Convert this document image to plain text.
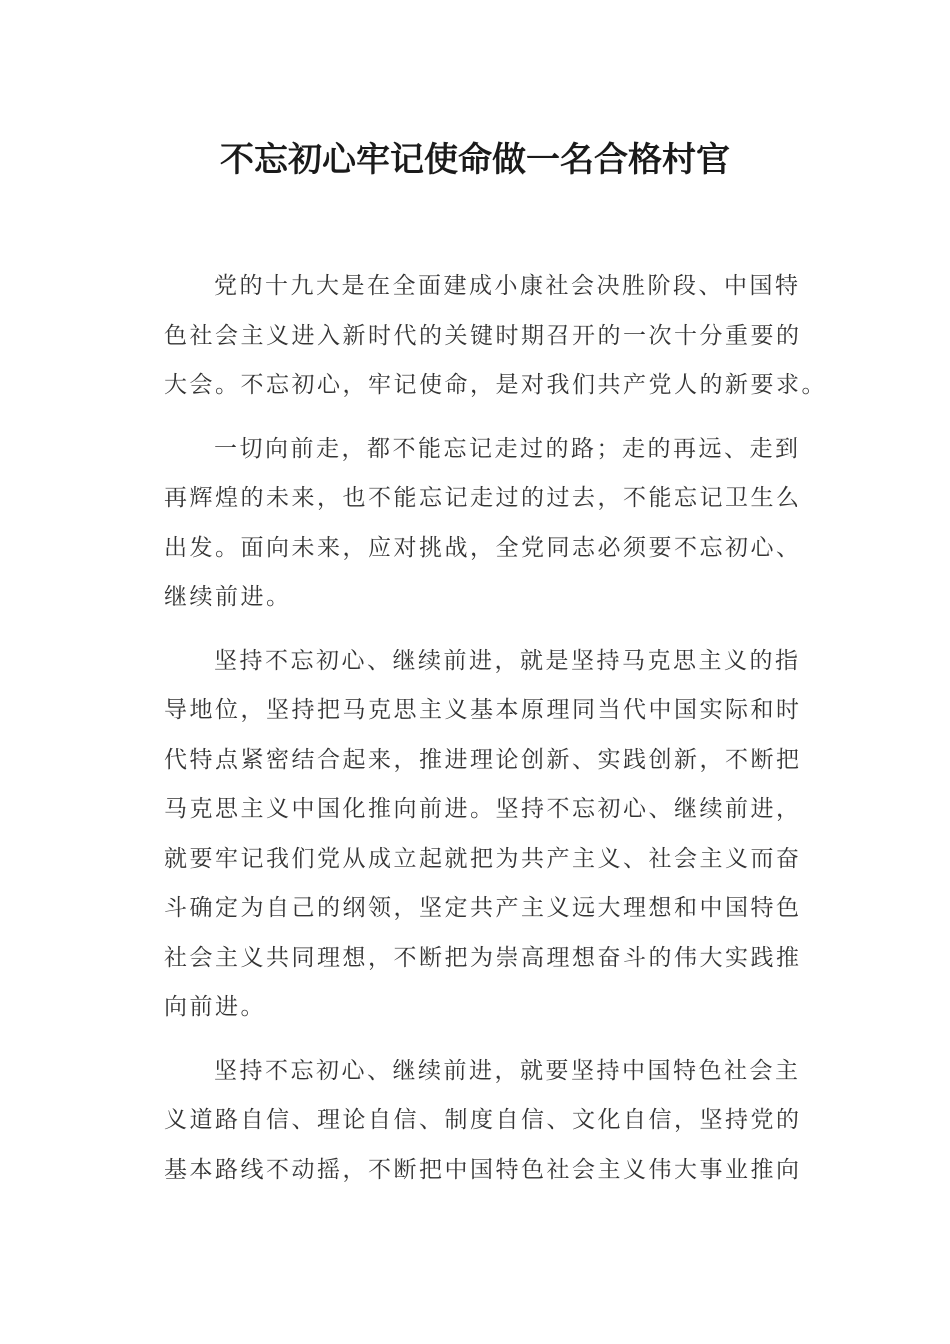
不忘初心牢记使命做一名合格村官
党的十九大是在全面建成小康社会决胜阶段、中国特
色社会主义进入新时代的关键时期召开的一次十分重要的
大会。不忘初心，牢记使命，是对我们共产党人的新要求。
一切向前走，都不能忘记走过的路；走的再远、走到
再辉煌的未来，也不能忘记走过的过去，不能忘记卫生么
出发。面向未来，应对挑战，全党同志必须要不忘初心、
继续前进。
坚持不忘初心、继续前进，就是坚持马克思主义的指
导地位，坚持把马克思主义基本原理同当代中国实际和时
代特点紧密结合起来，推进理论创新、实践创新，不断把
马克思主义中国化推向前进。坚持不忘初心、继续前进，
就要牢记我们党从成立起就把为共产主义、社会主义而奋
斗确定为自己的纲领，坚定共产主义远大理想和中国特色
社会主义共同理想，不断把为崇高理想奋斗的伟大实践推
向前进。
坚持不忘初心、继续前进，就要坚持中国特色社会主
义道路自信、理论自信、制度自信、文化自信，坚持党的
基本路线不动摇，不断把中国特色社会主义伟大事业推向
